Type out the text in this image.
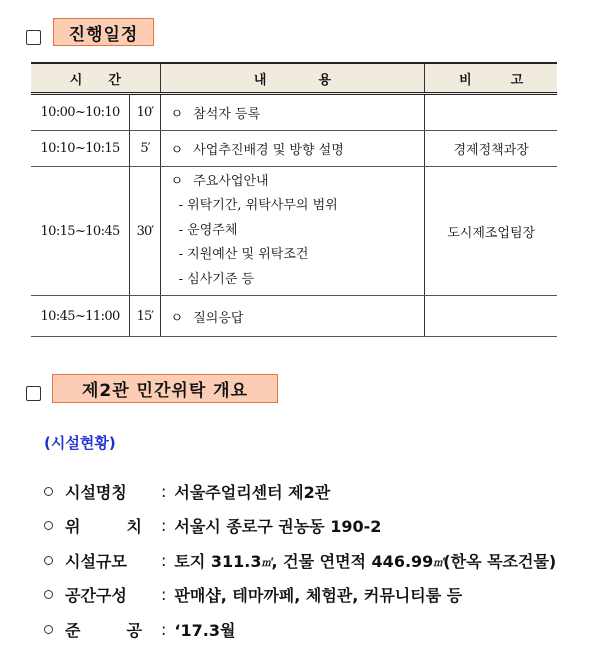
진행일정
시　　간		내　　　　용	비　　　고
10:00~10:10	10′	ㅇ 참석자 등록	
10:10~10:15	5′	ㅇ 사업추진배경 및 방향 설명	경제정책과장
10:15~10:45	30′	ㅇ 주요사업안내
- 위탁기간, 위탁사무의 범위
- 운영주체
- 지원예산 및 위탁조건
- 심사기준 등	도시제조업팀장
10:45~11:00	15′	ㅇ 질의응답	
제2관 민간위탁 개요
(시설현황)
시설명칭 : 서울주얼리센터 제2관
위	치 : 서울시 종로구 권농동 190-2
시설규모 : 토지 311.3㎡, 건물 연면적 446.99㎡(한옥 목조건물)
공간구성 : 판매샵, 테마까페, 체험관, 커뮤니티룸 등
준	공 : ‘17.3월
